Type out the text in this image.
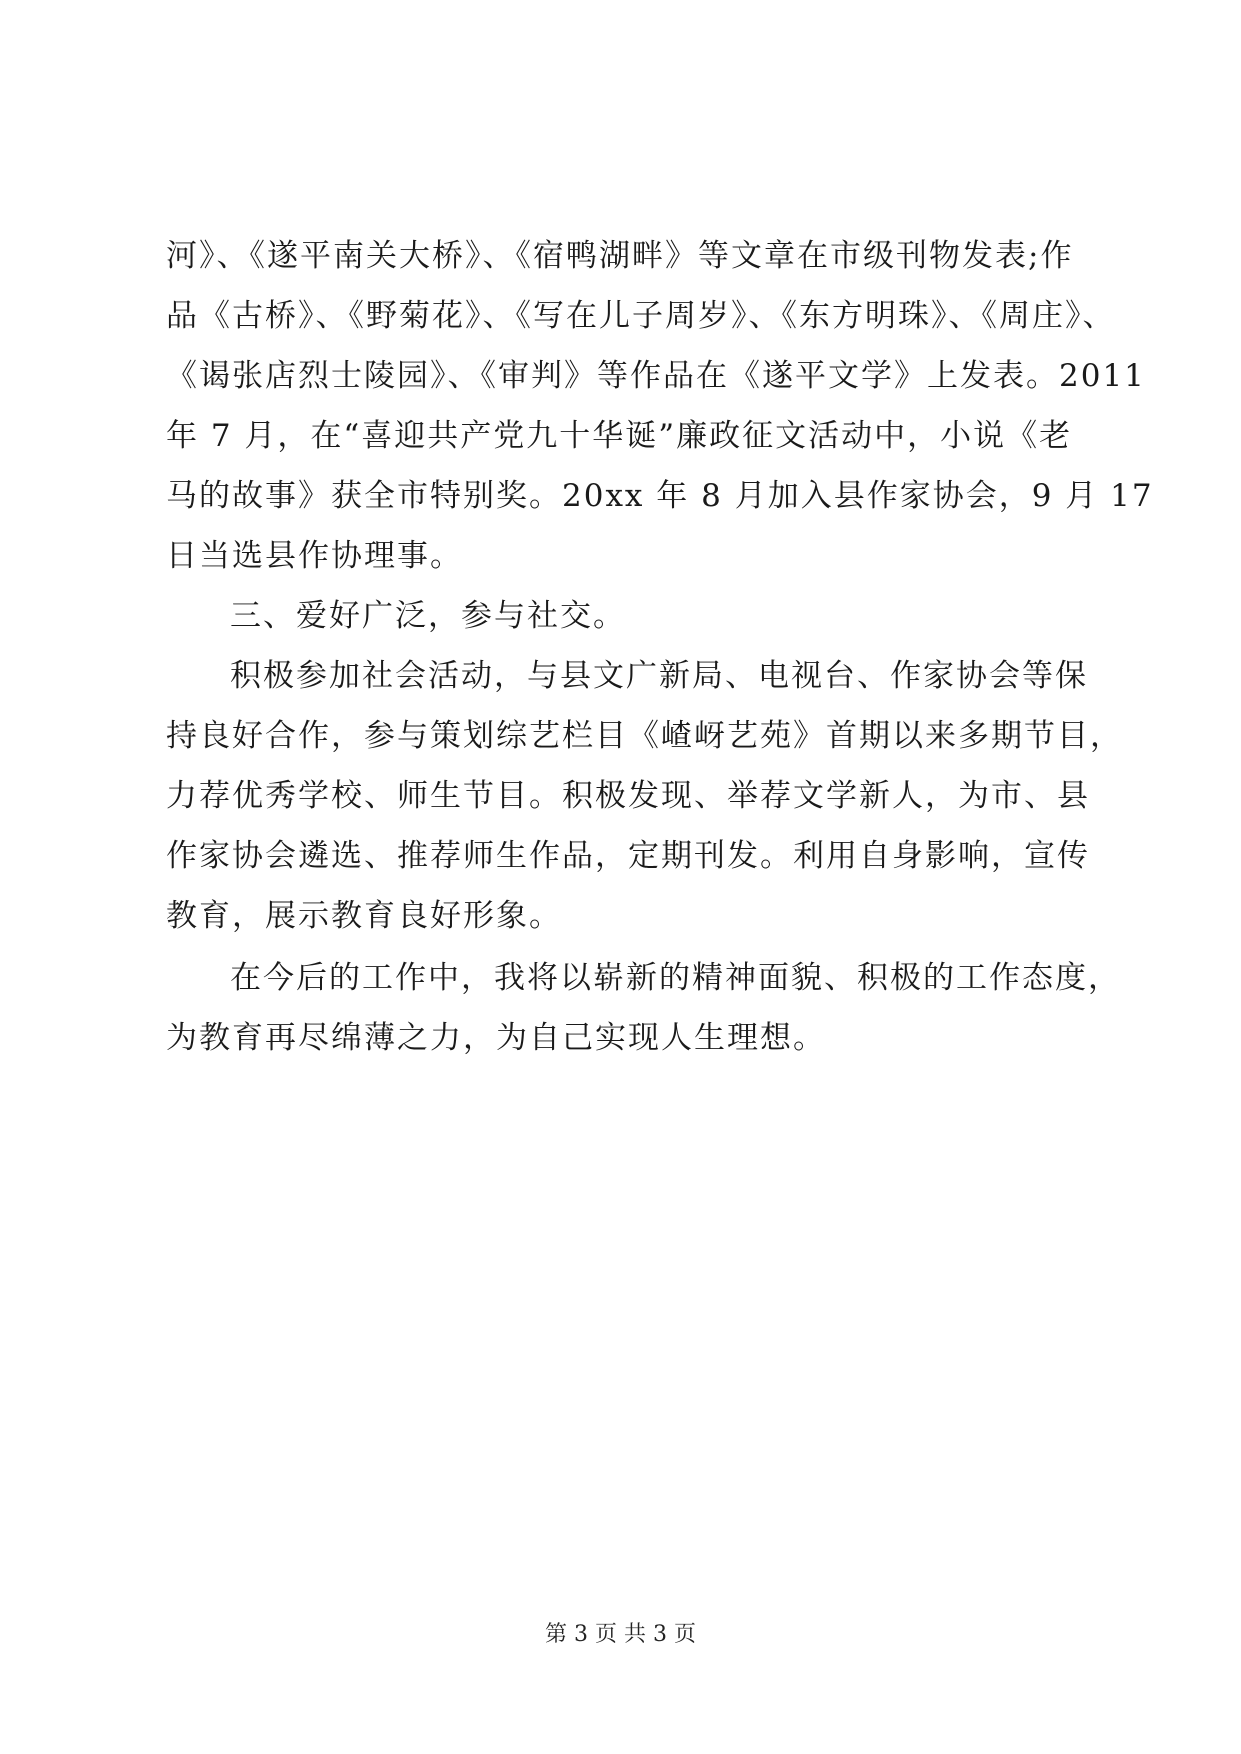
河》、《遂平南关大桥》、《宿鸭湖畔》等文章在市级刊物发表;作
品《古桥》、《野菊花》、《写在儿子周岁》、《东方明珠》、《周庄》、
《谒张店烈士陵园》、《审判》等作品在《遂平文学》上发表。2011
年 7 月，在“喜迎共产党九十华诞”廉政征文活动中，小说《老
马的故事》获全市特别奖。20xx 年 8 月加入县作家协会，9 月 17
日当选县作协理事。
三、爱好广泛，参与社交。
积极参加社会活动，与县文广新局、电视台、作家协会等保
持良好合作，参与策划综艺栏目《嵖岈艺苑》首期以来多期节目，
力荐优秀学校、师生节目。积极发现、举荐文学新人，为市、县
作家协会遴选、推荐师生作品，定期刊发。利用自身影响，宣传
教育，展示教育良好形象。
在今后的工作中，我将以崭新的精神面貌、积极的工作态度，
为教育再尽绵薄之力，为自己实现人生理想。
第 3 页 共 3 页
